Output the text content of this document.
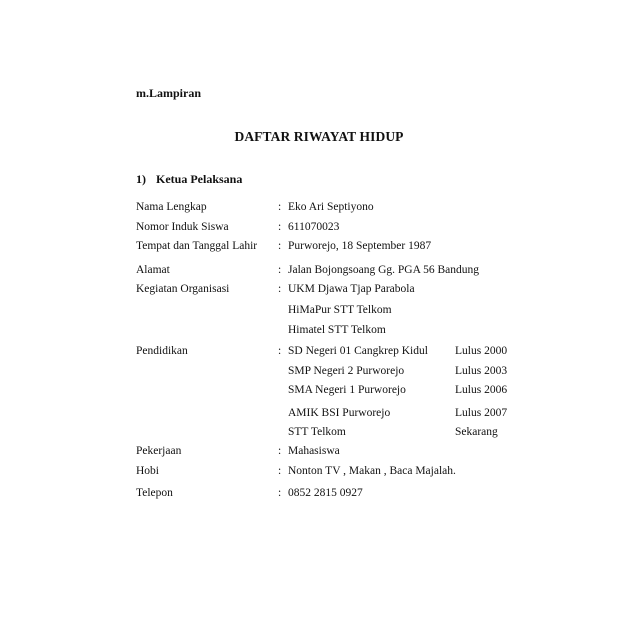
m.Lampiran
DAFTAR RIWAYAT HIDUP
1) Ketua Pelaksana
Nama Lengkap	: Eko Ari Septiyono
Nomor Induk Siswa	: 611070023
Tempat dan Tanggal Lahir : Purworejo, 18 September 1987
Alamat	: Jalan Bojongsoang Gg. PGA 56 Bandung
Kegiatan Organisasi	: UKM Djawa Tjap Parabola
HiMaPur STT Telkom
Himatel STT Telkom
Pendidikan	: SD Negeri 01 Cangkrep Kidul Lulus 2000
SMP Negeri 2 Purworejo	Lulus 2003
SMA Negeri 1 Purworejo	Lulus 2006
AMIK BSI Purworejo	Lulus 2007
STT Telkom	Sekarang
Pekerjaan	: Mahasiswa
Hobi	: Nonton TV , Makan , Baca Majalah.
Telepon	: 0852 2815 0927
